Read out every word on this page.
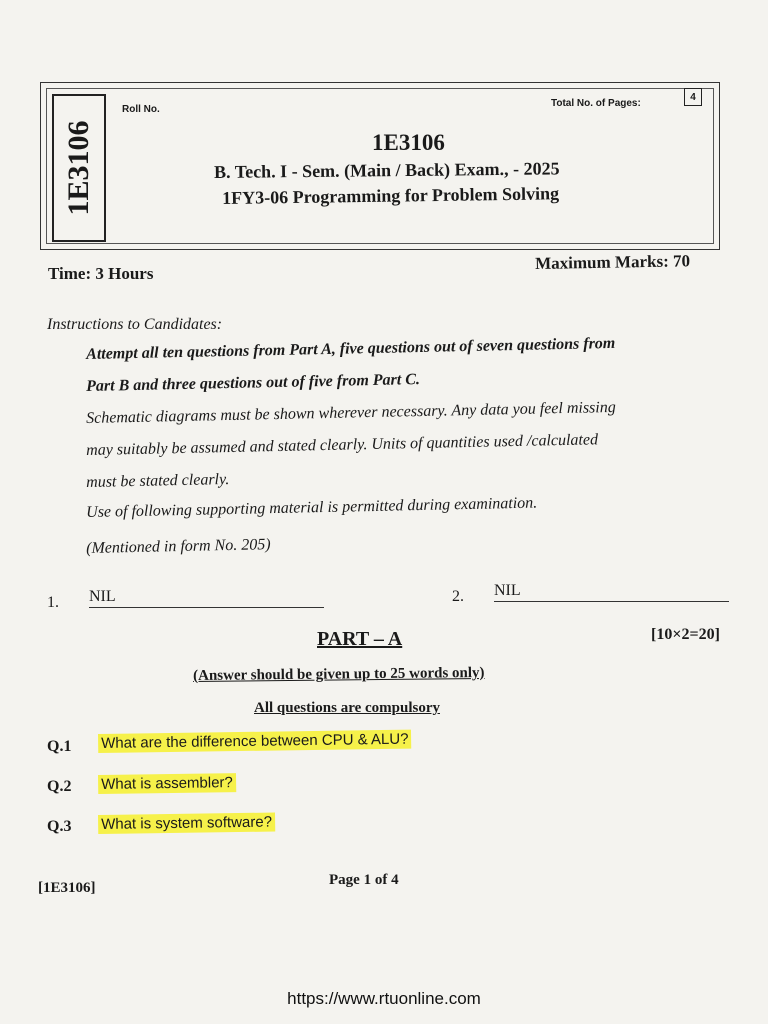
1E3106
Roll No.
Total No. of Pages:
4
1E3106
B. Tech. I - Sem. (Main / Back) Exam., - 2025
1FY3-06 Programming for Problem Solving
Time: 3 Hours
Maximum Marks: 70
Instructions to Candidates:
Attempt all ten questions from Part A, five questions out of seven questions from
Part B and three questions out of five from Part C.
Schematic diagrams must be shown wherever necessary. Any data you feel missing
may suitably be assumed and stated clearly. Units of quantities used /calculated
must be stated clearly.
Use of following supporting material is permitted during examination.
(Mentioned in form No. 205)
1. NIL	2. NIL
PART – A	[10×2=20]
(Answer should be given up to 25 words only)
All questions are compulsory
Q.1 What are the difference between CPU & ALU?
Q.2 What is assembler?
Q.3 What is system software?
[1E3106]	Page 1 of 4
https://www.rtuonline.com
